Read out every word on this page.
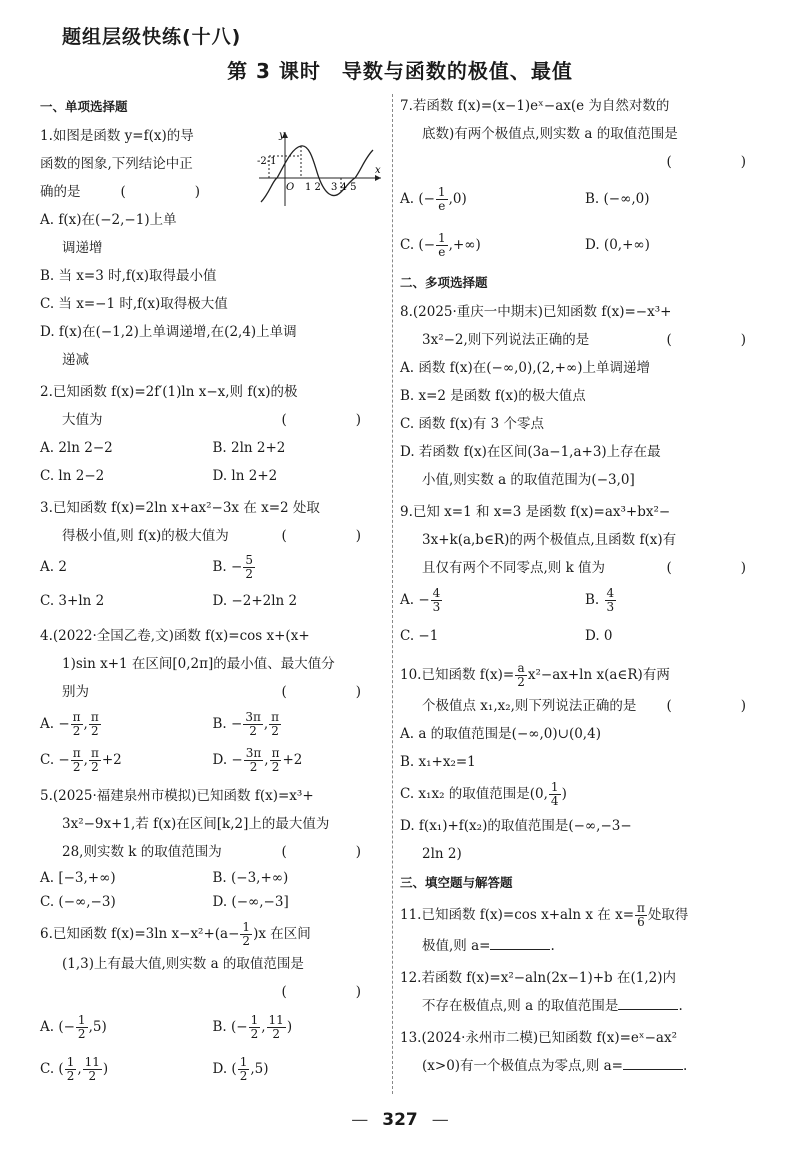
题组层级快练(十八)
第 3 课时　导数与函数的极值、最值
一、单项选择题
y
x
O
-2-1
1 2 3 4 5

1.如图是函数 y=f(x)的导

函数的图象,下列结论中正

确的是	(　　)

A. f(x)在(−2,−1)上单
调递增
B. 当 x=3 时,f(x)取得最小值
C. 当 x=−1 时,f(x)取得极大值
D. f(x)在(−1,2)上单调递增,在(2,4)上单调
递减

2.已知函数 f(x)=2f′(1)ln x−x,则 f(x)的极

大值为	(　　)

A. 2ln 2−2	B. 2ln 2+2
C. ln 2−2	D. ln 2+2

3.已知函数 f(x)=2ln x+ax²−3x 在 x=2 处取

得极小值,则 f(x)的极大值为	(　　)

A. 2	B. − $\frac{5}{2}$
C. 3+ln 2	D. −2+2ln 2

4.(2022·全国乙卷,文)函数 f(x)=cos x+(x+

1)sin x+1 在区间[0,2π]的最小值、最大值分

别为	(　　)

A. − $\frac{\pi}{2}$ , $\frac{\pi}{2}$	B. − $\frac{3\pi}{2}$ , $\frac{\pi}{2}$
C. − $\frac{\pi}{2}$ , $\frac{\pi}{2} +2$	D. − $\frac{3\pi}{2}$ , $\frac{\pi}{2} +2$

5.(2025·福建泉州市模拟)已知函数 f(x)=x³+

3x²−9x+1,若 f(x)在区间[k,2]上的最大值为

28,则实数 k 的取值范围为	(　　)

A. [−3,+∞)	B. (−3,+∞)
C. (−∞,−3)	D. (−∞,−3]

6.已知函数 f(x)=3ln $x-x^2+(a- \frac{1}{2} )x$ 在区间

(1,3)上有最大值,则实数 a 的取值范围是

(　　)

A. (− $\frac{1}{2} ,5$)	B. (− $\frac{1}{2}$ , $\frac{11}{2}$ )
C. ( $\frac{1}{2}$ , $\frac{11}{2}$ )	D. ( $\frac{1}{2} ,5$)

7.若函数 f(x)=(x−1)eˣ−ax(e 为自然对数的

底数)有两个极值点,则实数 a 的取值范围是

(　　)

A. (− $\frac{1}{e} ,0$)	B. (−∞,0)
C. (− $\frac{1}{e}$ ,+∞)	D. (0,+∞)
二、多项选择题

8.(2025·重庆一中期末)已知函数 f(x)=−x³+

3x²−2,则下列说法正确的是	(　　)

A. 函数 f(x)在(−∞,0),(2,+∞)上单调递增
B. x=2 是函数 f(x)的极大值点
C. 函数 f(x)有 3 个零点
D. 若函数 f(x)在区间(3a−1,a+3)上存在最
小值,则实数 a 的取值范围为(−3,0]

9.已知 x=1 和 x=3 是函数 f(x)=ax³+bx²−

3x+k(a,b∈R)的两个极值点,且函数 f(x)有

且仅有两个不同零点,则 k 值为	(　　)

A. − $\frac{4}{3}$	B. $\frac{4}{3}$
C. −1	D. 0

10.已知函数 $f(x)= \frac{a}{2} x^2-ax+\ln$ x(a∈R)有两

个极值点 x₁,x₂,则下列说法正确的是 (　　)

A. a 的取值范围是(−∞,0)∪(0,4)
B. x₁+x₂=1
C. x₁x₂ 的取值范围是(0, $\frac{1}{4}$ )
D. f(x₁)+f(x₂)的取值范围是(−∞,−3−
2ln 2)
三、填空题与解答题

11.已知函数 f(x)=cos x+aln x 在 $x= \frac{\pi}{6}$ 处取得

极值,则 a=	.

12.若函数 f(x)=x²−aln(2x−1)+b 在(1,2)内

不存在极值点,则 a 的取值范围是	.

13.(2024·永州市二模)已知函数 f(x)=eˣ−ax²

(x>0)有一个极值点为零点,则 a=	.

— 327 —
